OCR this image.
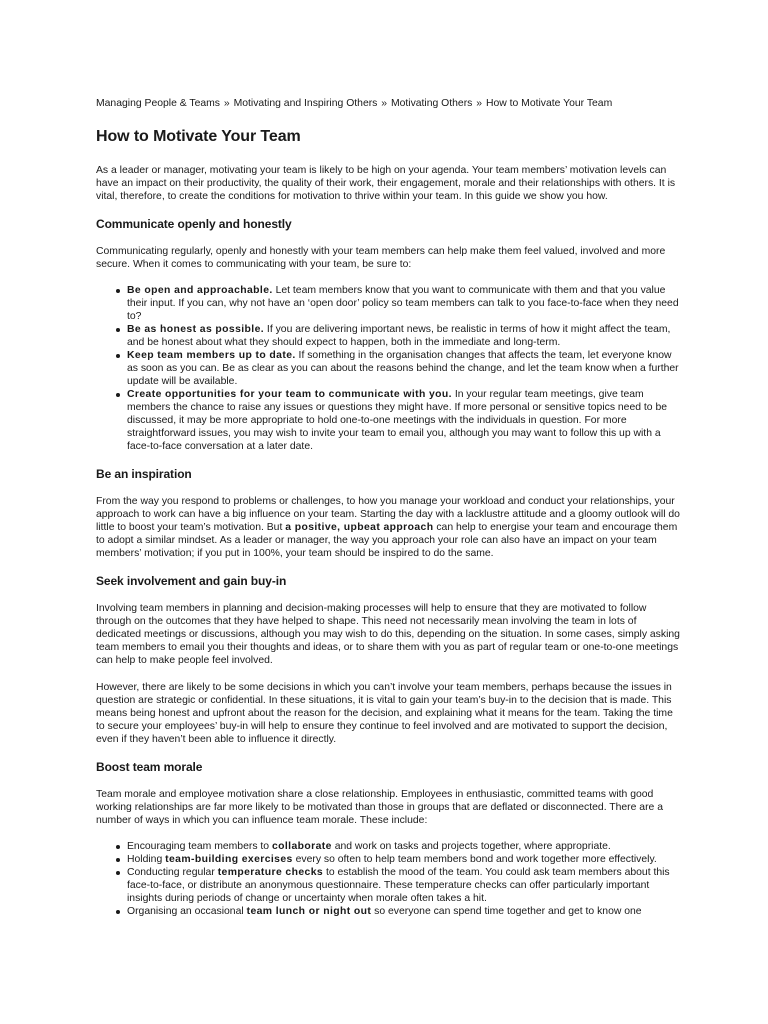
Managing People & Teams » Motivating and Inspiring Others » Motivating Others » How to Motivate Your Team
How to Motivate Your Team

As a leader or manager, motivating your team is likely to be high on your agenda. Your team members’ motivation levels can have an impact on their productivity, the quality of their work, their engagement, morale and their relationships with others. It is vital, therefore, to create the conditions for motivation to thrive within your team. In this guide we show you how.

Communicate openly and honestly

Communicating regularly, openly and honestly with your team members can help make them feel valued, involved and more secure. When it comes to communicating with your team, be sure to:

Be open and approachable. Let team members know that you want to communicate with them and that you value their input. If you can, why not have an ‘open door’ policy so team members can talk to you face-to-face when they need to?
Be as honest as possible. If you are delivering important news, be realistic in terms of how it might affect the team, and be honest about what they should expect to happen, both in the immediate and long-term.
Keep team members up to date. If something in the organisation changes that affects the team, let everyone know as soon as you can. Be as clear as you can about the reasons behind the change, and let the team know when a further update will be available.
Create opportunities for your team to communicate with you. In your regular team meetings, give team members the chance to raise any issues or questions they might have. If more personal or sensitive topics need to be discussed, it may be more appropriate to hold one-to-one meetings with the individuals in question. For more straightforward issues, you may wish to invite your team to email you, although you may want to follow this up with a face-to-face conversation at a later date.
Be an inspiration

From the way you respond to problems or challenges, to how you manage your workload and conduct your relationships, your approach to work can have a big influence on your team. Starting the day with a lacklustre attitude and a gloomy outlook will do little to boost your team’s motivation. But a positive, upbeat approach can help to energise your team and encourage them to adopt a similar mindset. As a leader or manager, the way you approach your role can also have an impact on your team members’ motivation; if you put in 100%, your team should be inspired to do the same.

Seek involvement and gain buy-in

Involving team members in planning and decision-making processes will help to ensure that they are motivated to follow through on the outcomes that they have helped to shape. This need not necessarily mean involving the team in lots of dedicated meetings or discussions, although you may wish to do this, depending on the situation. In some cases, simply asking team members to email you their thoughts and ideas, or to share them with you as part of regular team or one-to-one meetings can help to make people feel involved.

However, there are likely to be some decisions in which you can’t involve your team members, perhaps because the issues in question are strategic or confidential. In these situations, it is vital to gain your team’s buy-in to the decision that is made. This means being honest and upfront about the reason for the decision, and explaining what it means for the team. Taking the time to secure your employees’ buy-in will help to ensure they continue to feel involved and are motivated to support the decision, even if they haven’t been able to influence it directly.

Boost team morale

Team morale and employee motivation share a close relationship. Employees in enthusiastic, committed teams with good working relationships are far more likely to be motivated than those in groups that are deflated or disconnected. There are a number of ways in which you can influence team morale. These include:

Encouraging team members to collaborate and work on tasks and projects together, where appropriate.
Holding team-building exercises every so often to help team members bond and work together more effectively.
Conducting regular temperature checks to establish the mood of the team. You could ask team members about this face-to-face, or distribute an anonymous questionnaire. These temperature checks can offer particularly important insights during periods of change or uncertainty when morale often takes a hit.
Organising an occasional team lunch or night out so everyone can spend time together and get to know one
